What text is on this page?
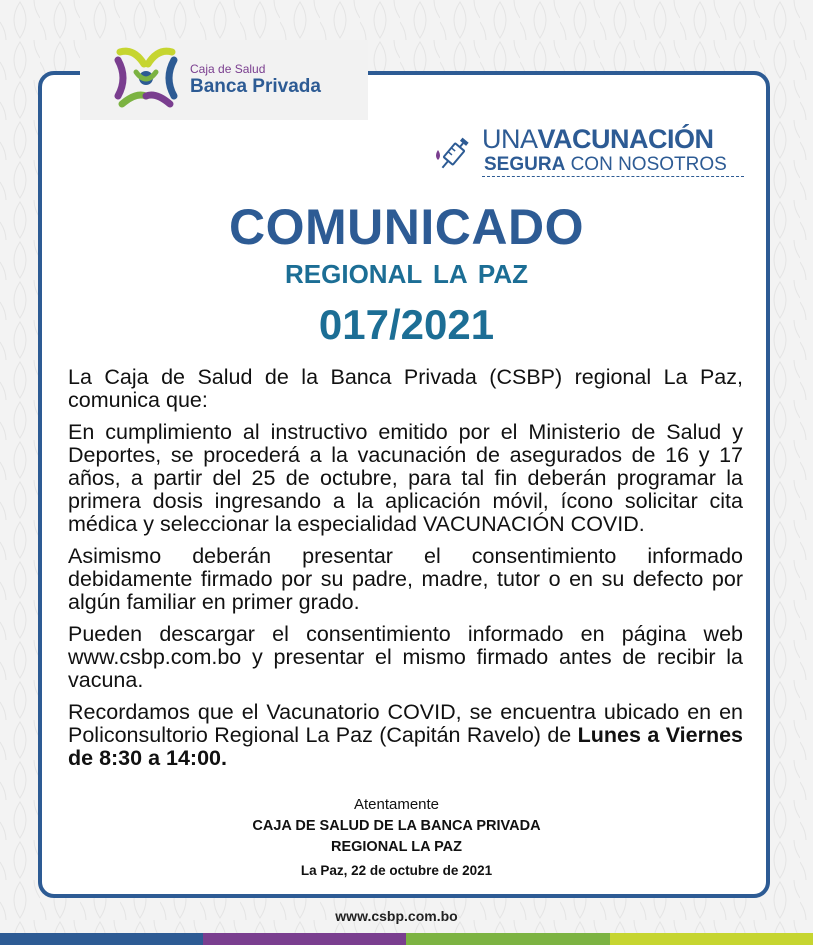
Caja de Salud
Banca Privada
UNAVACUNACIÓN
SEGURA CON NOSOTROS
COMUNICADO
REGIONAL LA PAZ
017/2021

La Caja de Salud de la Banca Privada (CSBP) regional La Paz, comunica que:

En cumplimiento al instructivo emitido por el Ministerio de Salud y Deportes, se procederá a la vacunación de asegurados de 16 y 17 años, a partir del 25 de octubre, para tal fin deberán programar la primera dosis ingresando a la aplicación móvil, ícono solicitar cita médica y seleccionar la especialidad VACUNACIÓN COVID.

Asimismo deberán presentar el consentimiento informado debidamente firmado por su padre, madre, tutor o en su defecto por algún familiar en primer grado.

Pueden descargar el consentimiento informado en página web www.csbp.com.bo y presentar el mismo firmado antes de recibir la vacuna.

Recordamos que el Vacunatorio COVID, se encuentra ubicado en en Policonsultorio Regional La Paz (Capitán Ravelo) de Lunes a Viernes de 8:30 a 14:00.

Atentamente
CAJA DE SALUD DE LA BANCA PRIVADA
REGIONAL LA PAZ
La Paz, 22 de octubre de 2021
www.csbp.com.bo
